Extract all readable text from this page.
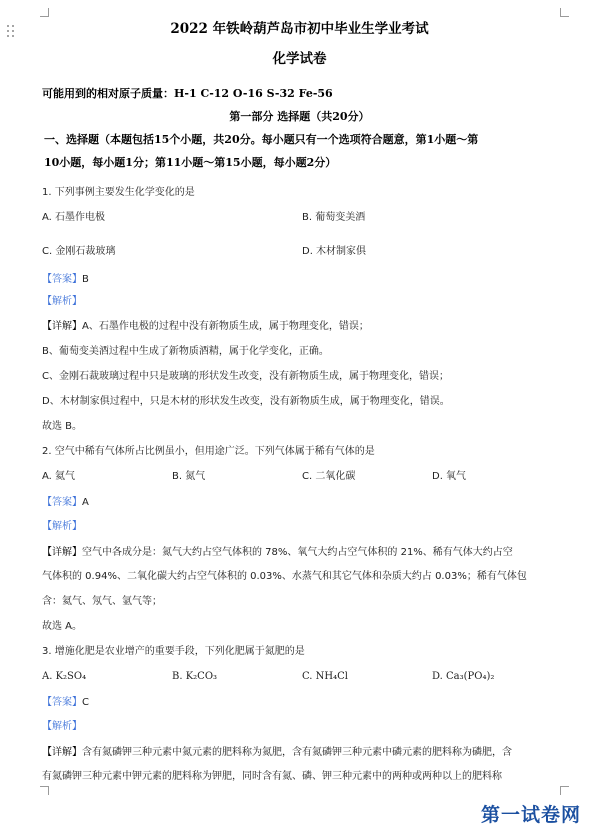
2022 年铁岭葫芦岛市初中毕业生学业考试
化学试卷
可能用到的相对原子质量：H-1 C-12 O-16 S-32 Fe-56
第一部分 选择题（共20分）
一、选择题（本题包括15个小题，共20分。每小题只有一个选项符合题意，第1小题～第
10小题，每小题1分；第11小题～第15小题，每小题2分）
1. 下列事例主要发生化学变化的是
A. 石墨作电极	B. 葡萄变美酒
C. 金刚石裁玻璃	D. 木材制家俱
【答案】B
【解析】
【详解】A、石墨作电极的过程中没有新物质生成，属于物理变化，错误；
B、葡萄变美酒过程中生成了新物质酒精，属于化学变化，正确。
C、金刚石裁玻璃过程中只是玻璃的形状发生改变，没有新物质生成，属于物理变化，错误；
D、木材制家俱过程中，只是木材的形状发生改变，没有新物质生成，属于物理变化，错误。
故选 B。
2. 空气中稀有气体所占比例虽小，但用途广泛。下列气体属于稀有气体的是
A. 氦气	B. 氮气	C. 二氧化碳	D. 氧气
【答案】A
【解析】
【详解】空气中各成分是：氮气大约占空气体积的 78%、氧气大约占空气体积的 21%、稀有气体大约占空
气体积的 0.94%、二氧化碳大约占空气体积的 0.03%、水蒸气和其它气体和杂质大约占 0.03%；稀有气体包
含：氦气、氖气、氩气等；
故选 A。
3. 增施化肥是农业增产的重要手段，下列化肥属于氮肥的是
A. K₂SO₄	B. K₂CO₃	C. NH₄Cl	D. Ca₃(PO₄)₂
【答案】C
【解析】
【详解】含有氮磷钾三种元素中氮元素的肥料称为氮肥，含有氮磷钾三种元素中磷元素的肥料称为磷肥，含
有氮磷钾三种元素中钾元素的肥料称为钾肥，同时含有氮、磷、钾三种元素中的两种或两种以上的肥料称
第一试卷网
